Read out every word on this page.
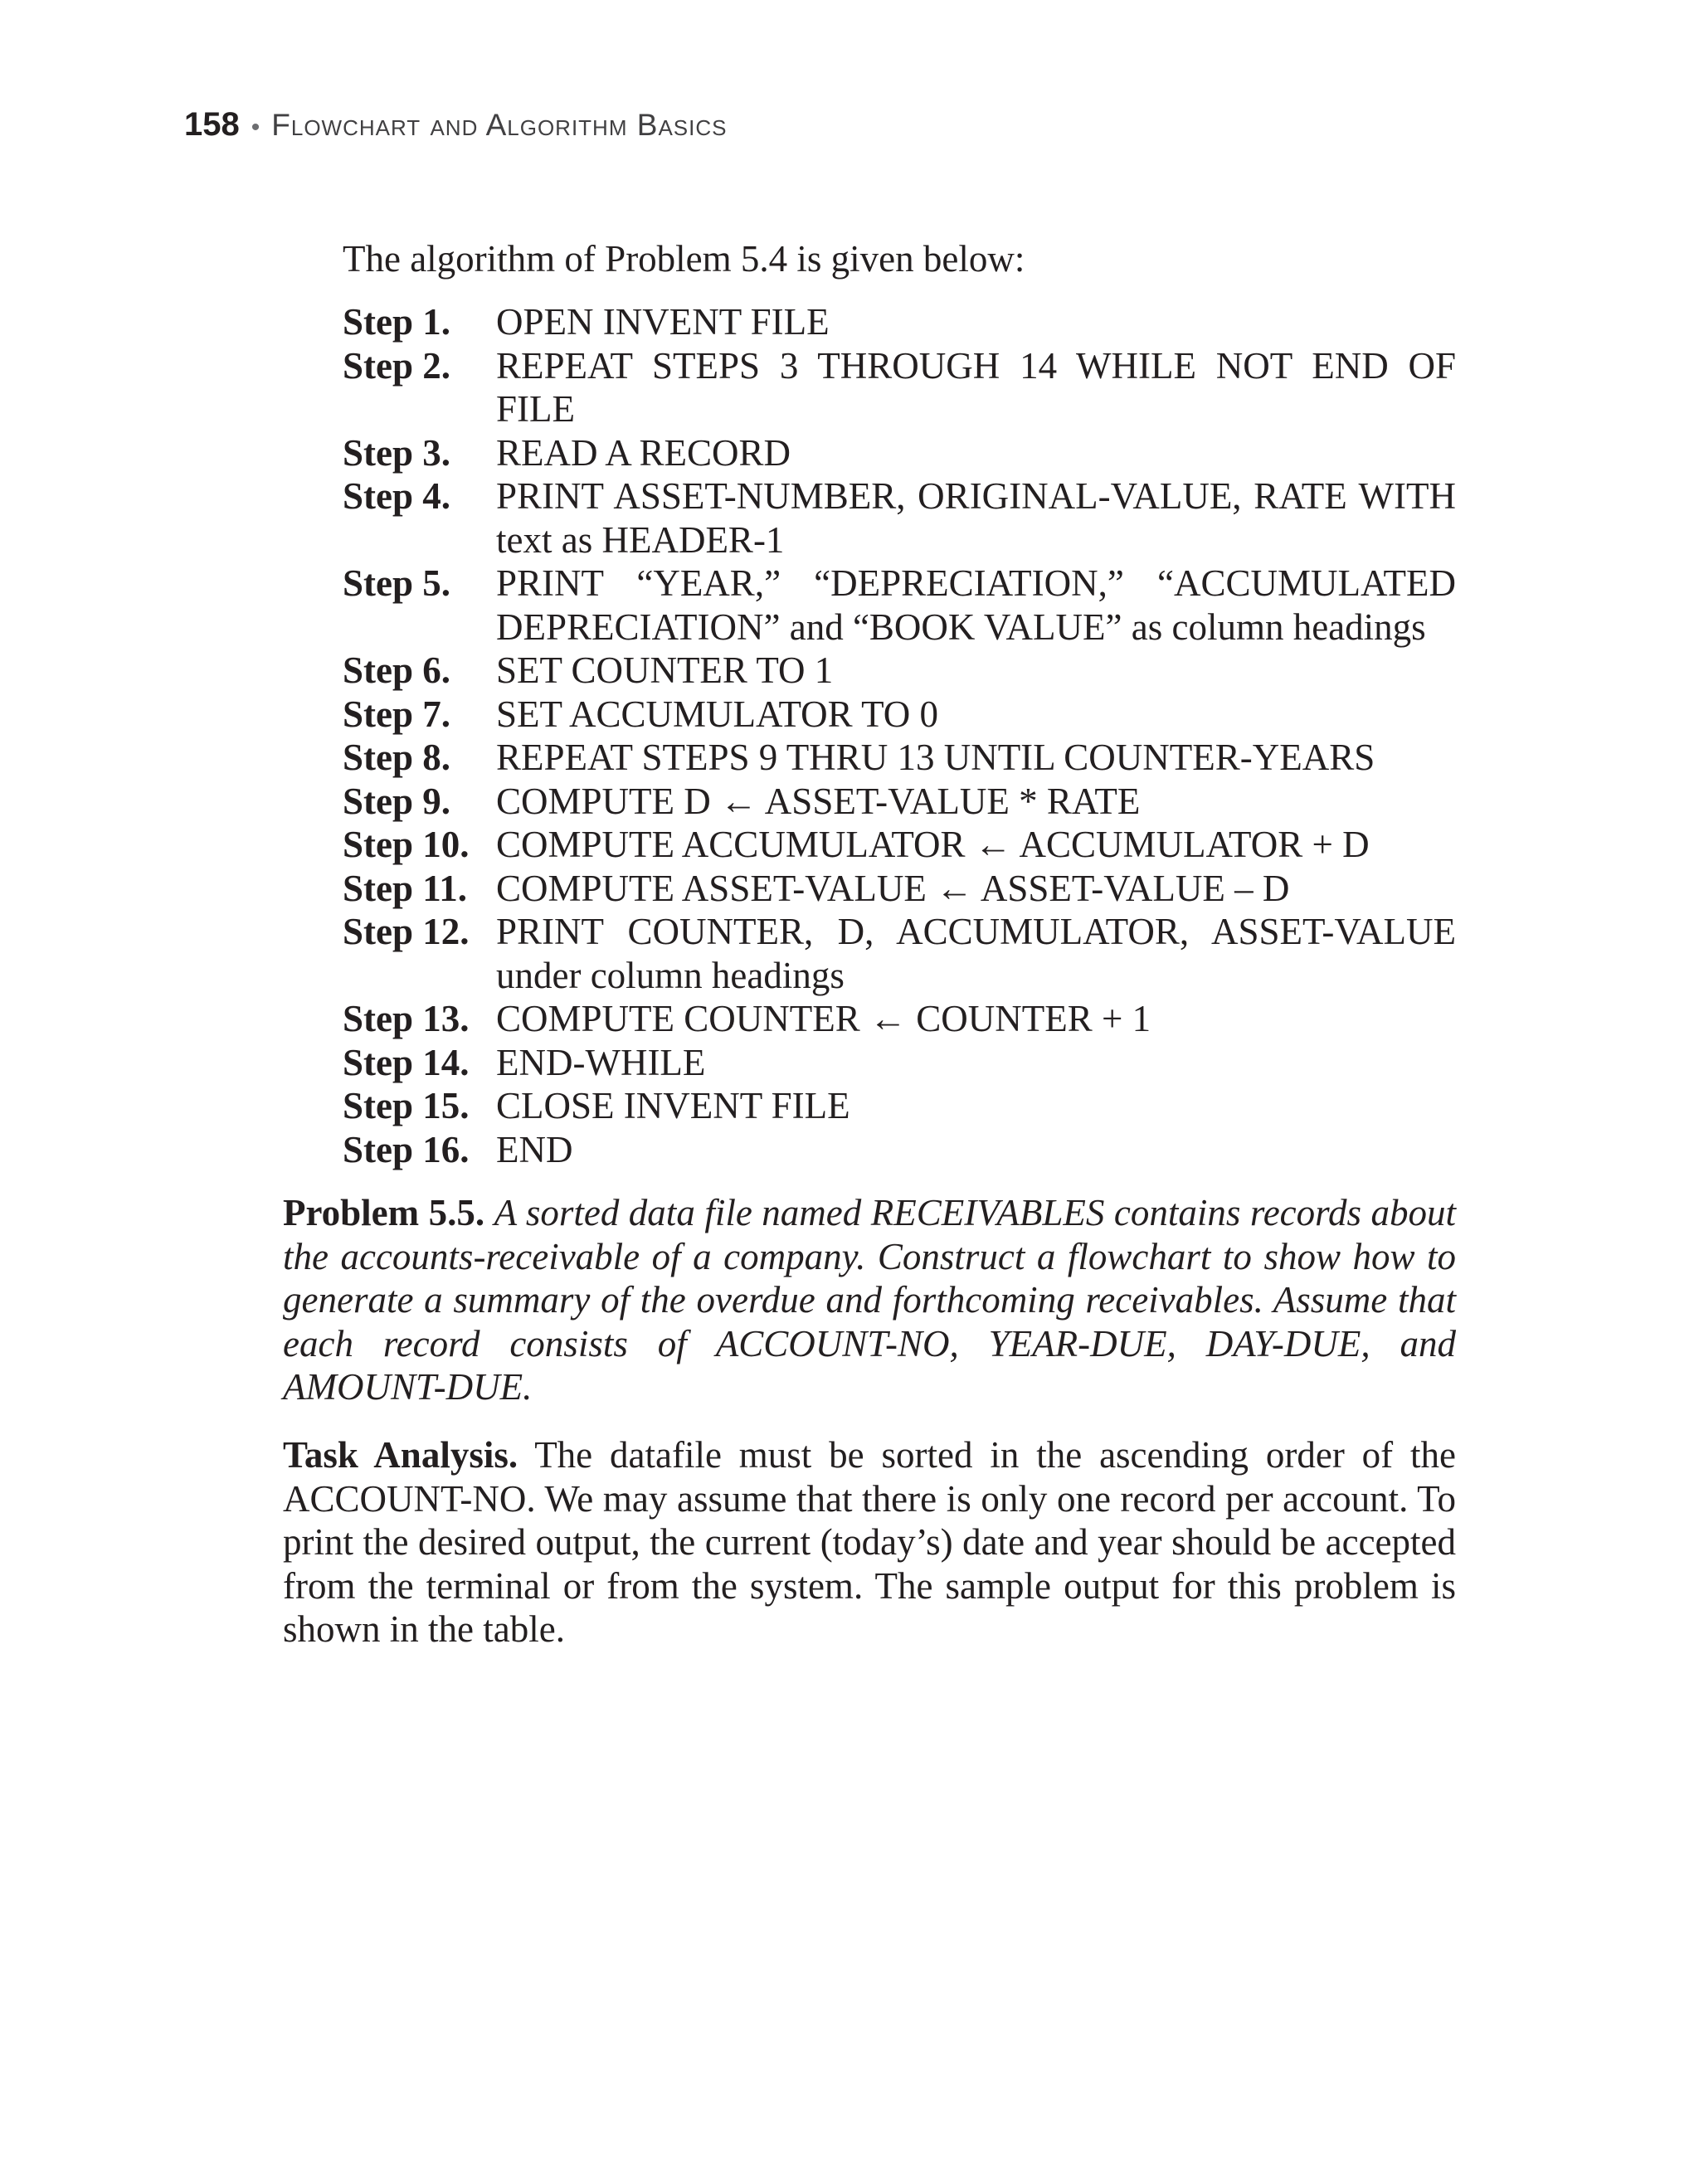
158 • Flowchart and Algorithm Basics
The algorithm of Problem 5.4 is given below:
Step 1.	OPEN INVENT FILE
Step 2.	REPEAT STEPS 3 THROUGH 14 WHILE NOT END OF FILE
Step 3.	READ A RECORD
Step 4.	PRINT ASSET-NUMBER, ORIGINAL-VALUE, RATE WITH text as HEADER-1
Step 5.	PRINT “YEAR,” “DEPRECIATION,” “ACCUMULATED DEPRECIATION” and “BOOK VALUE” as column headings
Step 6.	SET COUNTER TO 1
Step 7.	SET ACCUMULATOR TO 0
Step 8.	REPEAT STEPS 9 THRU 13 UNTIL COUNTER-YEARS
Step 9.	COMPUTE D ← ASSET-VALUE * RATE
Step 10. COMPUTE ACCUMULATOR ← ACCUMULATOR + D
Step 11. COMPUTE ASSET-VALUE ← ASSET-VALUE – D
Step 12. PRINT COUNTER, D, ACCUMULATOR, ASSET-VALUE under column headings
Step 13. COMPUTE COUNTER ← COUNTER + 1
Step 14. END-WHILE
Step 15. CLOSE INVENT FILE
Step 16. END
Problem 5.5. A sorted data file named RECEIVABLES contains records about the accounts-receivable of a company. Construct a flowchart to show how to generate a summary of the overdue and forthcoming receivables. Assume that each record consists of ACCOUNT-NO, YEAR-DUE, DAY-DUE, and AMOUNT-DUE.
Task Analysis. The datafile must be sorted in the ascending order of the ACCOUNT-NO. We may assume that there is only one record per account. To print the desired output, the current (today’s) date and year should be accepted from the terminal or from the system. The sample output for this problem is shown in the table.
